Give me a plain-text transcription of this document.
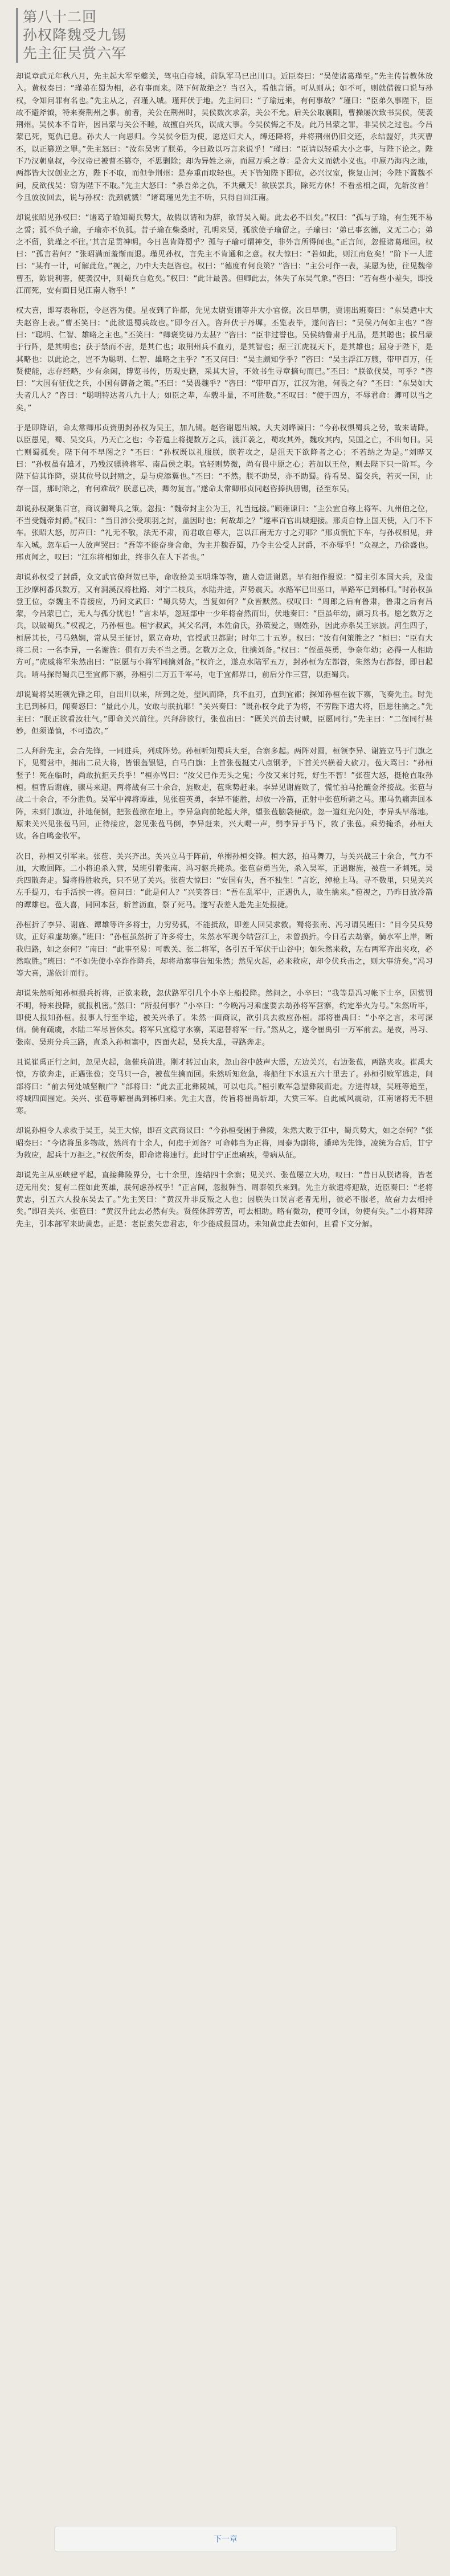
第八十二回
孙权降魏受九锡
先主征吴赏六军

却说章武元年秋八月，先主起大军至夔关，驾屯白帝城，前队军马已出川口。近臣奏曰：“吴使诸葛瑾至。”先主传旨教休放入。黄权奏曰：“瑾弟在蜀为相，必有事而来。陛下何故绝之？当召入，看他言语。可从则从；如不可，则就借彼口说与孙权，令知问罪有名也。”先主从之，召瑾入城。瑾拜伏于地。先主问曰：“子瑜远来，有何事故？”瑾曰：“臣弟久事陛下，臣故不避斧钺，特来奏荆州之事。前者，关公在荆州时，吴侯数次求亲，关公不允。后关公取襄阳，曹操屡次致书吴侯，使袭荆州。吴侯本不肯许，因吕蒙与关公不睦，故擅自兴兵，误成大事。今吴侯悔之不及。此乃吕蒙之罪，非吴侯之过也。今吕蒙已死，冤仇已息。孙夫人一向思归。今吴侯令臣为使，愿送归夫人，缚还降将，并将荆州仍旧交还，永结盟好，共灭曹丕，以正篡逆之罪。”先主怒曰：“汝东吴害了朕弟，今日敢以巧言来说乎！”瑾曰：“臣请以轻重大小之事，与陛下论之。陛下乃汉朝皇叔，今汉帝已被曹丕篡夺，不思剿除；却为异姓之亲，而屈万乘之尊：是舍大义而就小义也。中原乃海内之地，两都皆大汉创业之方，陛下不取，而但争荆州：是弃重而取轻也。天下皆知陛下即位，必兴汉室，恢复山河；今陛下置魏不问，反欲伐吴：窃为陛下不取。”先主大怒曰：“杀吾弟之仇，不共戴天！欲朕罢兵，除死方休！不看丞相之面，先斩汝首！今且放汝回去，说与孙权：洗颈就戮！”诸葛瑾见先主不听，只得自回江南。

却说张昭见孙权曰：“诸葛子瑜知蜀兵势大，故假以请和为辞，欲背吴入蜀。此去必不回矣。”权曰：“孤与子瑜，有生死不易之誓；孤不负子瑜，子瑜亦不负孤。昔子瑜在柴桑时，孔明来吴，孤欲使子瑜留之。子瑜曰：‘弟已事玄德，义无二心；弟之不留，犹瑾之不往。’其言足贯神明。今日岂肯降蜀乎？孤与子瑜可谓神交，非外言所得间也。”正言间，忽报诸葛瑾回。权曰：“孤言若何？”张昭满面羞惭而退。瑾见孙权，言先主不肯通和之意。权大惊曰：“若如此，则江南危矣！”阶下一人进曰：“某有一计，可解此危。”视之，乃中大夫赵咨也。权曰：“德度有何良策？”咨曰：“主公可作一表，某愿为使，往见魏帝曹丕，陈说利害，使袭汉中，则蜀兵自危矣。”权曰：“此计最善。但卿此去，休失了东吴气象。”咨曰：“若有些小差失，即投江而死，安有面目见江南人物乎！”

权大喜，即写表称臣，令赵咨为使。星夜到了许都，先见太尉贾诩等并大小官僚。次日早朝，贾诩出班奏曰：“东吴遣中大夫赵咨上表。”曹丕笑曰：“此欲退蜀兵故也。”即令召入。咨拜伏于丹墀。丕览表毕，遂问咨曰：“吴侯乃何如主也？”咨曰：“聪明、仁智、雄略之主也。”丕笑曰：“卿褒奖毋乃太甚？”咨曰：“臣非过誉也。吴侯纳鲁肃于凡品，是其聪也；拔吕蒙于行阵，是其明也；获于禁而不害，是其仁也；取荆州兵不血刃，是其智也；据三江虎视天下，是其雄也；屈身于陛下，是其略也：以此论之，岂不为聪明、仁智、雄略之主乎？”丕又问曰：“吴主颇知学乎？”咨曰：“吴主浮江万艘，带甲百万，任贤使能，志存经略，少有余闲，博览书传，历观史籍，采其大旨，不效书生寻章摘句而已。”丕曰：“朕欲伐吴，可乎？”咨曰：“大国有征伐之兵，小国有御备之策。”丕曰：“吴畏魏乎？”咨曰：“带甲百万，江汉为池，何畏之有？”丕曰：“东吴如大夫者几人？”咨曰：“聪明特达者八九十人；如臣之辈，车载斗量，不可胜数。”丕叹曰：“使于四方，不辱君命：卿可以当之矣。”

于是即降诏，命太常卿邢贞赍册封孙权为吴王，加九锡。赵咨谢恩出城。大夫刘晔谏曰：“今孙权惧蜀兵之势，故来请降。以臣愚见，蜀、吴交兵，乃天亡之也；今若遣上将提数万之兵，渡江袭之，蜀攻其外，魏攻其内，吴国之亡，不出旬日。吴亡则蜀孤矣。陛下何不早图之？”丕曰：“孙权既以礼服朕，朕若攻之，是沮天下欲降者之心；不若纳之为是。”刘晔又曰：“孙权虽有雄才，乃残汉骠骑将军、南昌侯之职。官轻则势微，尚有畏中原之心；若加以王位，则去陛下只一阶耳。今陛下信其诈降，崇其位号以封殖之，是与虎添翼也。”丕曰：“不然。朕不助吴，亦不助蜀。待看吴、蜀交兵，若灭一国，止存一国，那时除之，有何难哉？朕意已决，卿勿复言。”遂命太常卿邢贞同赵咨捧执册锡，径至东吴。

却说孙权聚集百官，商议御蜀兵之策。忽报：“魏帝封主公为王，礼当远接。”顾雍谏曰：“主公宜自称上将军、九州伯之位，不当受魏帝封爵。”权曰：“当日沛公受项羽之封，盖因时也；何故却之？”遂率百官出城迎接。邢贞自恃上国天使，入门不下车。张昭大怒，厉声曰：“礼无不敬，法无不肃，而君敢自尊大，岂以江南无方寸之刃耶？”邢贞慌忙下车，与孙权相见，并车入城。忽车后一人放声哭曰：“吾等不能奋身舍命，为主并魏吞蜀，乃令主公受人封爵，不亦辱乎！”众视之，乃徐盛也。邢贞闻之，叹曰：“江东将相如此，终非久在人下者也。”

却说孙权受了封爵，众文武官僚拜贺已毕，命收拾美玉明珠等物，遣人赍进谢恩。早有细作报说：“蜀主引本国大兵，及蛮王沙摩柯番兵数万，又有洞溪汉将杜路、刘宁二枝兵，水陆并进，声势震天。水路军已出巫口，旱路军已到秭归。”时孙权虽登王位，奈魏主不肯接应，乃问文武曰：“蜀兵势大，当复如何？”众皆默然。权叹曰：“周郎之后有鲁肃，鲁肃之后有吕蒙，今吕蒙已亡，无人与孤分忧也！”言未毕，忽班部中一少年将奋然而出，伏地奏曰：“臣虽年幼，颇习兵书。愿乞数万之兵，以破蜀兵。”权视之，乃孙桓也。桓字叔武，其父名河，本姓俞氏，孙策爱之，赐姓孙，因此亦系吴王宗族。河生四子，桓居其长，弓马熟娴，常从吴王征讨，累立奇功，官授武卫都尉；时年二十五岁。权曰：“汝有何策胜之？”桓曰：“臣有大将二员：一名李异，一名谢旌：俱有万夫不当之勇。乞数万之众，往擒刘备。”权曰：“侄虽英勇，争奈年幼；必得一人相助方可。”虎威将军朱然出曰：“臣愿与小将军同擒刘备。”权许之，遂点水陆军五万，封孙桓为左都督，朱然为右都督，即日起兵。哨马探得蜀兵已至宜都下寨，孙桓引二万五千军马，屯于宜都界口，前后分作三营，以拒蜀兵。

却说蜀将吴班领先锋之印，自出川以来，所到之处，望风而降，兵不血刃，直到宜都；探知孙桓在彼下寨，飞奏先主。时先主已到秭归，闻奏怒曰：“量此小儿，安敢与朕抗耶！”关兴奏曰：“既孙权令此子为将，不劳陛下遣大将，臣愿往擒之。”先主曰：“朕正欲看汝壮气。”即命关兴前往。兴拜辞欲行，张苞出曰：“既关兴前去讨贼，臣愿同行。”先主曰：“二侄同行甚妙，但须谨慎，不可造次。”

二人拜辞先主，会合先锋，一同进兵，列成阵势。孙桓听知蜀兵大至，合寨多起。两阵对圆，桓领李异、谢旌立马于门旗之下，见蜀营中，拥出二员大将，皆银盔银铠，白马白旗：上首张苞挺丈八点钢矛，下首关兴横着大砍刀。苞大骂曰：“孙桓竖子！死在临时，尚敢抗拒天兵乎！”桓亦骂曰：“汝父已作无头之鬼；今汝又来讨死，好生不智！”张苞大怒，挺枪直取孙桓。桓背后谢旌，骤马来迎。两将战有三十余合，旌败走，苞乘势赶来。李异见谢旌败了，慌忙拍马抡蘸金斧接战。张苞与战二十余合，不分胜负。吴军中裨将谭雄，见张苞英勇，李异不能胜，却放一冷箭，正射中张苞所骑之马。那马负痛奔回本阵，未到门旗边，扑地便倒，把张苞掀在地上。李异急向前轮起大斧，望张苞脑袋便砍。忽一道红光闪处，李异头早落地。原来关兴见张苞马回，正待接应，忽见张苞马倒，李异赶来，兴大喝一声，劈李异于马下，救了张苞。乘势掩杀，孙桓大败。各自鸣金收军。

次日，孙桓又引军来。张苞、关兴齐出。关兴立马于阵前，单搦孙桓交锋。桓大怒，拍马舞刀，与关兴战三十余合，气力不加，大败回阵。二小将追杀入营，吴班引着张南、冯习驱兵掩杀。张苞奋勇当先，杀入吴军，正遇谢旌，被苞一矛刺死。吴兵四散奔走。蜀将得胜收兵，只不见了关兴。张苞大惊曰：“安国有失，吾不独生！”言讫，绰枪上马。寻不数里，只见关兴左手提刀，右手活挟一将。苞问曰：“此是何人？”兴笑答曰：“吾在乱军中，正遇仇人，故生擒来。”苞视之，乃昨日放冷箭的谭雄也。苞大喜，同回本营，斩首沥血，祭了死马。遂写表差人赴先主处报捷。

孙桓折了李异、谢旌、谭雄等许多将士，力穷势孤，不能抵敌，即差人回吴求救。蜀将张南、冯习谓吴班曰：“目今吴兵势败，正好乘虚劫寨。”班曰：“孙桓虽然折了许多将士，朱然水军现今结营江上，未曾损折。今日若去劫寨，倘水军上岸，断我归路，如之奈何？”南曰：“此事至易：可教关、张二将军，各引五千军伏于山谷中；如朱然来救，左右两军齐出夹攻，必然取胜。”班曰：“不如先使小卒诈作降兵，却将劫寨事告知朱然；然见火起，必来救应，却令伏兵击之，则大事济矣。”冯习等大喜，遂依计而行。

却说朱然听知孙桓损兵折将，正欲来救，忽伏路军引几个小卒上船投降。然问之，小卒曰：“我等是冯习帐下士卒，因赏罚不明，特来投降，就报机密。”然曰：“所报何事？”小卒曰：“今晚冯习乘虚要去劫孙将军营寨，约定举火为号。”朱然听毕，即使人报知孙桓。报事人行至半途，被关兴杀了。朱然一面商议，欲引兵去救应孙桓。部将崔禹曰：“小卒之言，未可深信。倘有疏虞，水陆二军尽皆休矣。将军只宜稳守水寨，某愿替将军一行。”然从之，遂令崔禹引一万军前去。是夜，冯习、张南、吴班分兵三路，直杀入孙桓寨中，四面火起，吴兵大乱，寻路奔走。

且说崔禹正行之间，忽见火起，急催兵前进。刚才转过山来，忽山谷中鼓声大震，左边关兴，右边张苞，两路夹攻。崔禹大惊，方欲奔走，正遇张苞；交马只一合，被苞生擒而回。朱然听知危急，将船往下水退五六十里去了。孙桓引败军逃走，问部将曰：“前去何处城坚粮广？”部将曰：“此去正北彝陵城，可以屯兵。”桓引败军急望彝陵而走。方进得城，吴班等追至，将城四面围定。关兴、张苞等解崔禹到秭归来。先主大喜，传旨将崔禹斩却，大赏三军。自此威风震动，江南诸将无不胆寒。

却说孙桓令人求救于吴王，吴王大惊，即召文武商议曰：“今孙桓受困于彝陵，朱然大败于江中，蜀兵势大，如之奈何？”张昭奏曰：“今诸将虽多物故，然尚有十余人，何虑于刘备？可命韩当为正将，周泰为副将，潘璋为先锋，凌统为合后，甘宁为救应，起兵十万拒之。”权依所奏，即命诸将速行。此时甘宁正患痢疾，带病从征。

却说先主从巫峡建平起，直接彝陵界分，七十余里，连结四十余寨；见关兴、张苞屡立大功，叹曰：“昔日从朕诸将，皆老迈无用矣；复有二侄如此英雄，朕何虑孙权乎！”正言间，忽报韩当、周泰领兵来到。先主方欲遣将迎敌，近臣奏曰：“老将黄忠，引五六人投东吴去了。”先主笑曰：“黄汉升非反叛之人也；因朕失口误言老者无用，彼必不服老，故奋力去相持矣。”即召关兴、张苞曰：“黄汉升此去必然有失。贤侄休辞劳苦，可去相助。略有微功，便可令回，勿使有失。”二小将拜辞先主，引本部军来助黄忠。正是：老臣素矢忠君志，年少能成报国功。未知黄忠此去如何，且看下文分解。

下一章
